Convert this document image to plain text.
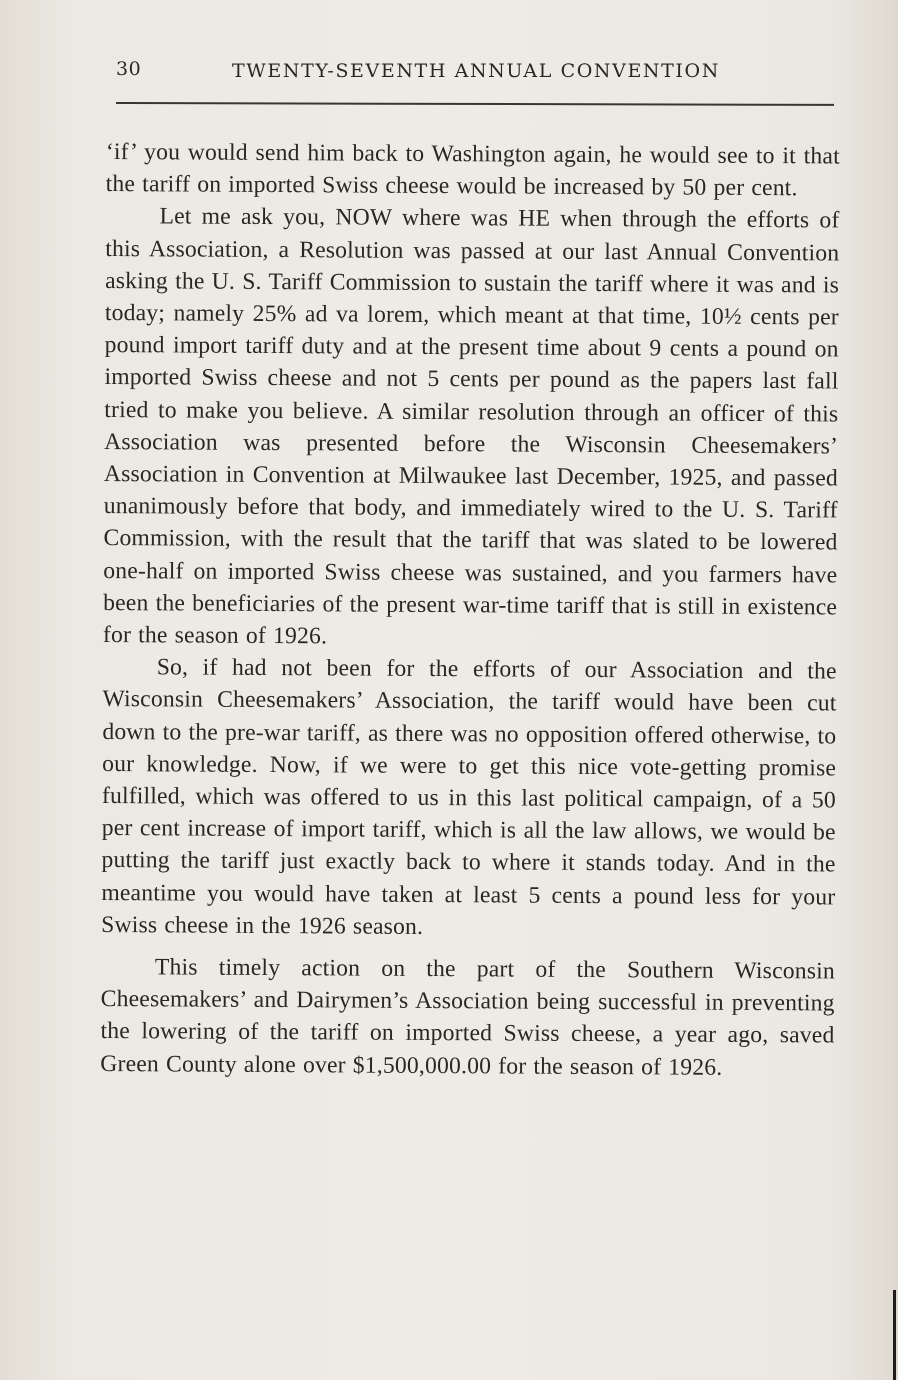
30	TWENTY-SEVENTH ANNUAL CONVENTION

‘if’ you would send him back to Washington again, he would see to it that the tariff on imported Swiss cheese would be increased by 50 per cent.

Let me ask you, NOW where was HE when through the efforts of this Association, a Resolution was passed at our last Annual Convention asking the U. S. Tariff Commission to sustain the tariff where it was and is today; namely 25% ad va lorem, which meant at that time, 10½ cents per pound import tariff duty and at the present time about 9 cents a pound on imported Swiss cheese and not 5 cents per pound as the papers last fall tried to make you believe. A similar resolution through an officer of this Association was presented before the Wisconsin Cheesemakers’ Association in Convention at Milwaukee last December, 1925, and passed unanimously before that body, and immediately wired to the U. S. Tariff Commission, with the result that the tariff that was slated to be lowered one-half on imported Swiss cheese was sustained, and you farmers have been the beneficiaries of the present war-time tariff that is still in existence for the season of 1926.

So, if had not been for the efforts of our Association and the Wisconsin Cheesemakers’ Association, the tariff would have been cut down to the pre-war tariff, as there was no opposition offered otherwise, to our knowledge. Now, if we were to get this nice vote-getting promise fulfilled, which was offered to us in this last political campaign, of a 50 per cent increase of import tariff, which is all the law allows, we would be putting the tariff just exactly back to where it stands today. And in the meantime you would have taken at least 5 cents a pound less for your Swiss cheese in the 1926 season.

This timely action on the part of the Southern Wisconsin Cheesemakers’ and Dairymen’s Association being successful in preventing the lowering of the tariff on imported Swiss cheese, a year ago, saved Green County alone over $1,500,000.00 for the season of 1926.
